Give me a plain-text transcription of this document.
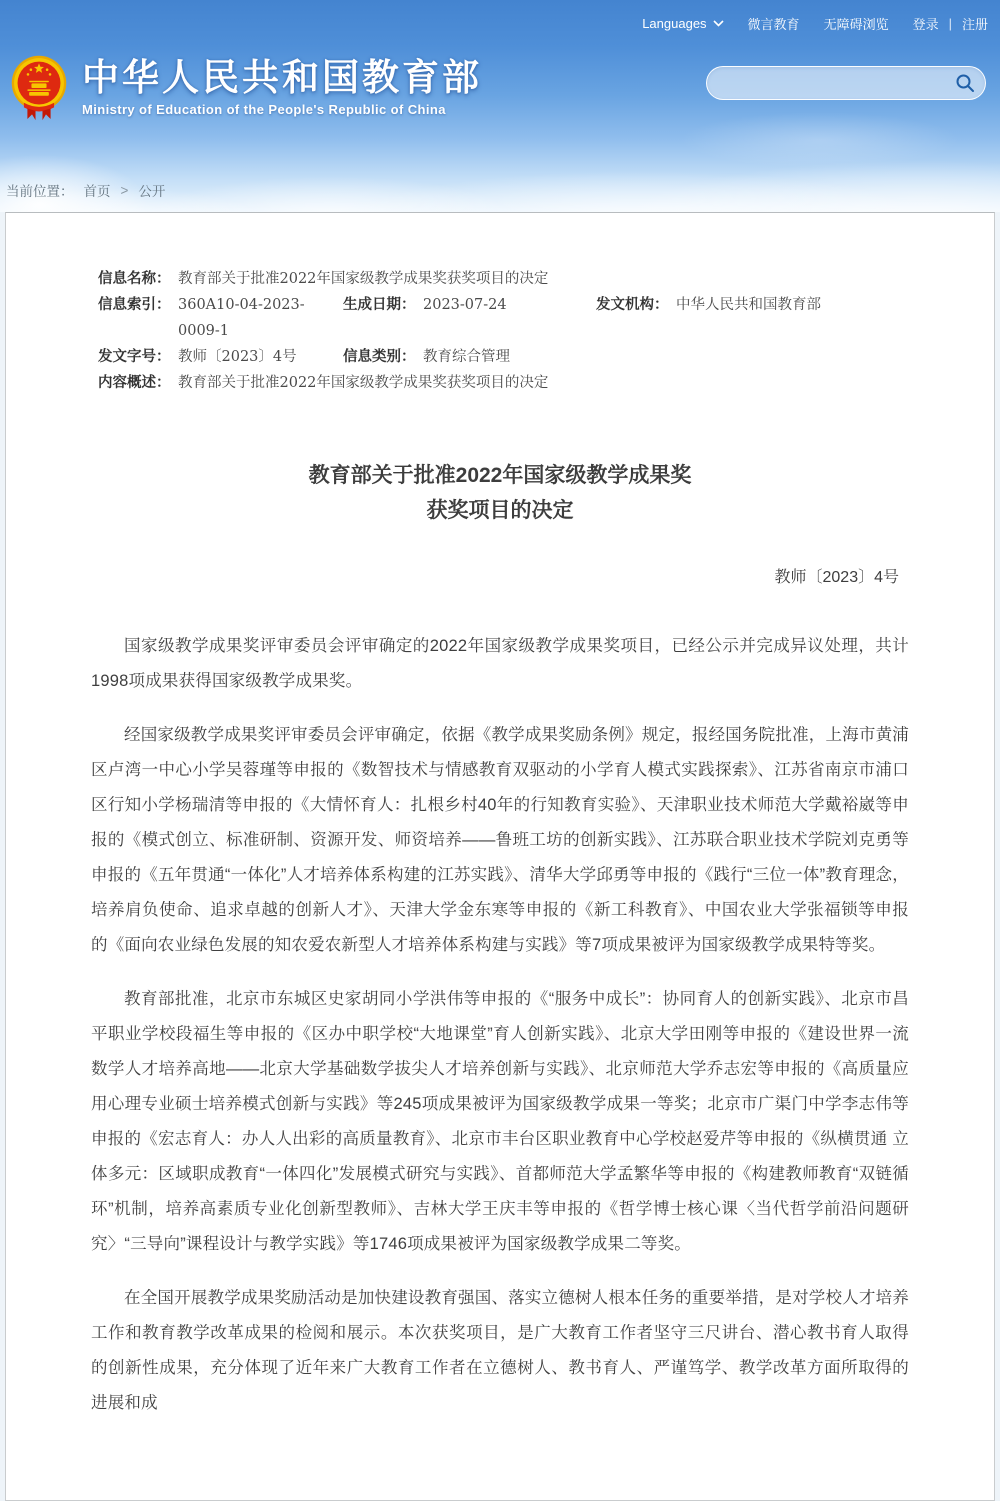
Languages	微言教育 无障碍浏览 登录 | 注册
中华人民共和国教育部
Ministry of Education of the People's Republic of China
当前位置： 首页 > 公开
信息名称： 教育部关于批准2022年国家级教学成果奖获奖项目的决定
信息索引： 360A10-04-2023-0009-1
生成日期： 2023-07-24	发文机构： 中华人民共和国教育部
发文字号： 教师〔2023〕4号	信息类别： 教育综合管理
内容概述： 教育部关于批准2022年国家级教学成果奖获奖项目的决定
教育部关于批准2022年国家级教学成果奖
获奖项目的决定
教师〔2023〕4号

国家级教学成果奖评审委员会评审确定的2022年国家级教学成果奖项目，已经公示并完成异议处理，共计1998项成果获得国家级教学成果奖。

经国家级教学成果奖评审委员会评审确定，依据《教学成果奖励条例》规定，报经国务院批准，上海市黄浦区卢湾一中心小学吴蓉瑾等申报的《数智技术与情感教育双驱动的小学育人模式实践探索》、江苏省南京市浦口区行知小学杨瑞清等申报的《大情怀育人：扎根乡村40年的行知教育实验》、天津职业技术师范大学戴裕崴等申报的《模式创立、标准研制、资源开发、师资培养——鲁班工坊的创新实践》、江苏联合职业技术学院刘克勇等申报的《五年贯通“一体化”人才培养体系构建的江苏实践》、清华大学邱勇等申报的《践行“三位一体”教育理念，培养肩负使命、追求卓越的创新人才》、天津大学金东寒等申报的《新工科教育》、中国农业大学张福锁等申报的《面向农业绿色发展的知农爱农新型人才培养体系构建与实践》等7项成果被评为国家级教学成果特等奖。

教育部批准，北京市东城区史家胡同小学洪伟等申报的《“服务中成长”：协同育人的创新实践》、北京市昌平职业学校段福生等申报的《区办中职学校“大地课堂”育人创新实践》、北京大学田刚等申报的《建设世界一流数学人才培养高地——北京大学基础数学拔尖人才培养创新与实践》、北京师范大学乔志宏等申报的《高质量应用心理专业硕士培养模式创新与实践》等245项成果被评为国家级教学成果一等奖；北京市广渠门中学李志伟等申报的《宏志育人：办人人出彩的高质量教育》、北京市丰台区职业教育中心学校赵爱芹等申报的《纵横贯通 立体多元：区域职成教育“一体四化”发展模式研究与实践》、首都师范大学孟繁华等申报的《构建教师教育“双链循环”机制，培养高素质专业化创新型教师》、吉林大学王庆丰等申报的《哲学博士核心课〈当代哲学前沿问题研究〉“三导向”课程设计与教学实践》等1746项成果被评为国家级教学成果二等奖。

在全国开展教学成果奖励活动是加快建设教育强国、落实立德树人根本任务的重要举措，是对学校人才培养工作和教育教学改革成果的检阅和展示。本次获奖项目，是广大教育工作者坚守三尺讲台、潜心教书育人取得的创新性成果，充分体现了近年来广大教育工作者在立德树人、教书育人、严谨笃学、教学改革方面所取得的进展和成
